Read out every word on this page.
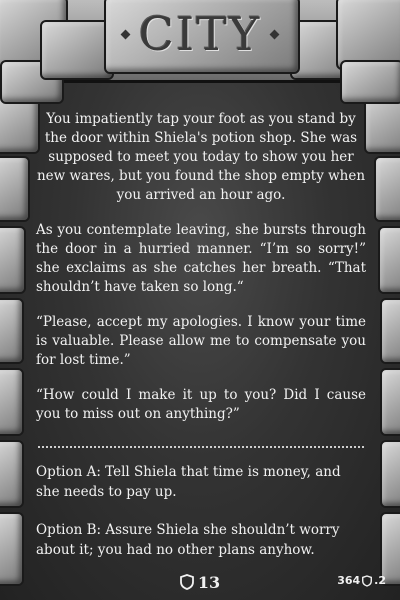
CITY

You impatiently tap your foot as you stand by the door within Shiela's potion shop. She was supposed to meet you today to show you her new wares, but you found the shop empty when you arrived an hour ago.

As you contemplate leaving, she bursts through the door in a hurried manner. “I’m so sorry!” she exclaims as she catches her breath. “That shouldn’t have taken so long.“

“Please, accept my apologies. I know your time is valuable. Please allow me to compensate you for lost time.”

“How could I make it up to you? Did I cause you to miss out on anything?”

Option A: Tell Shiela that time is money, and she needs to pay up.

Option B: Assure Shiela she shouldn’t worry about it; you had no other plans anyhow.

13	364 .2
